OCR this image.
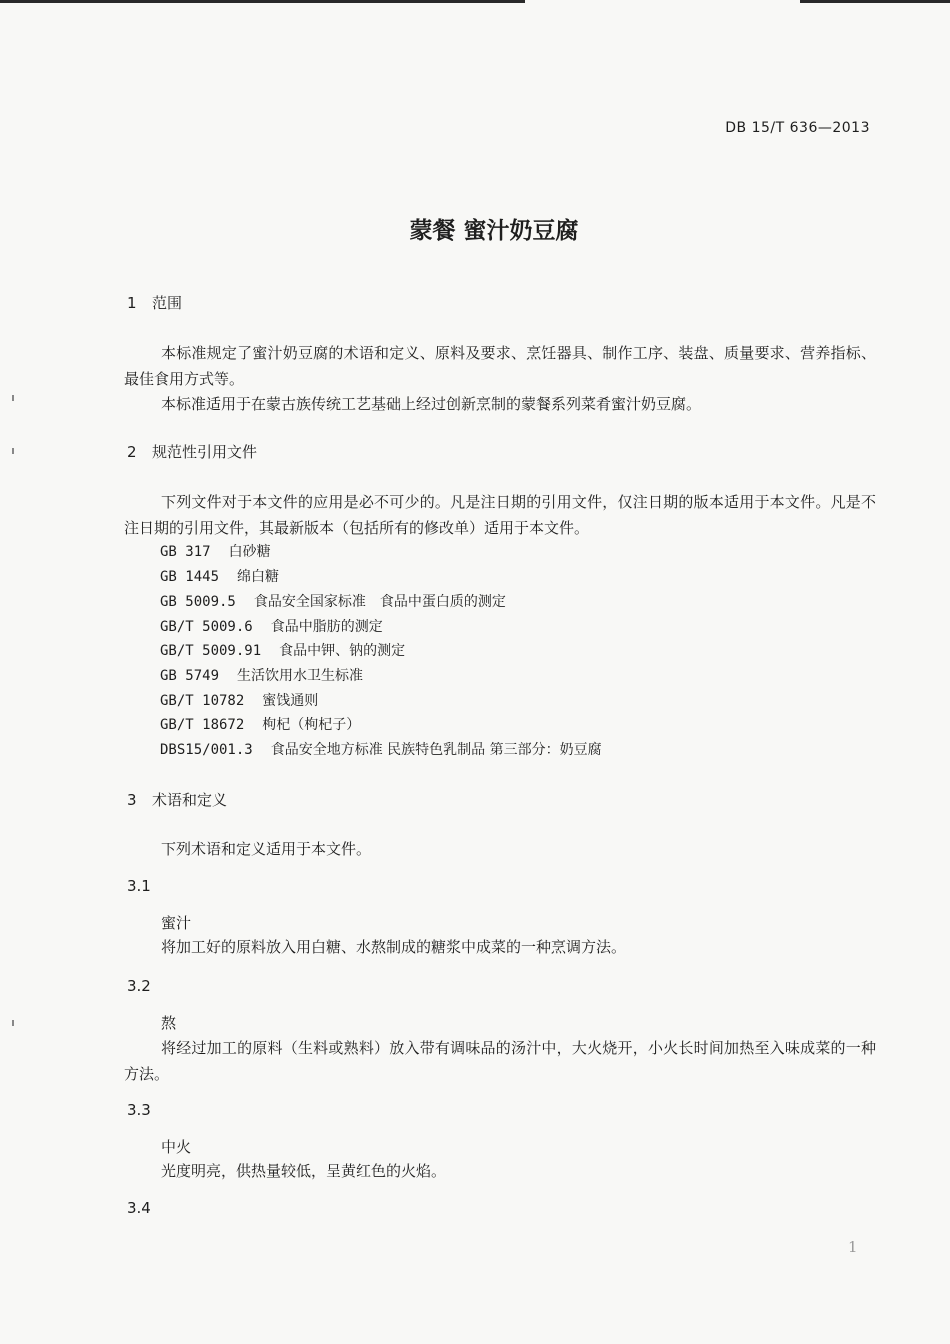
DB 15/T 636—2013
蒙餐 蜜汁奶豆腐
1 范围
本标准规定了蜜汁奶豆腐的术语和定义、原料及要求、烹饪器具、制作工序、装盘、质量要求、营养指标、最佳食用方式等。
本标准适用于在蒙古族传统工艺基础上经过创新烹制的蒙餐系列菜肴蜜汁奶豆腐。
2 规范性引用文件
下列文件对于本文件的应用是必不可少的。凡是注日期的引用文件，仅注日期的版本适用于本文件。凡是不注日期的引用文件，其最新版本（包括所有的修改单）适用于本文件。
GB 317 白砂糖
GB 1445 绵白糖
GB 5009.5 食品安全国家标准　食品中蛋白质的测定
GB/T 5009.6 食品中脂肪的测定
GB/T 5009.91 食品中钾、钠的测定
GB 5749 生活饮用水卫生标准
GB/T 10782 蜜饯通则
GB/T 18672 枸杞（枸杞子）
DBS15/001.3 食品安全地方标准 民族特色乳制品 第三部分：奶豆腐
3 术语和定义
下列术语和定义适用于本文件。
3.1
蜜汁
将加工好的原料放入用白糖、水熬制成的糖浆中成菜的一种烹调方法。
3.2
熬
将经过加工的原料（生料或熟料）放入带有调味品的汤汁中，大火烧开，小火长时间加热至入味成菜的一种方法。
3.3
中火
光度明亮，供热量较低，呈黄红色的火焰。
3.4
1
